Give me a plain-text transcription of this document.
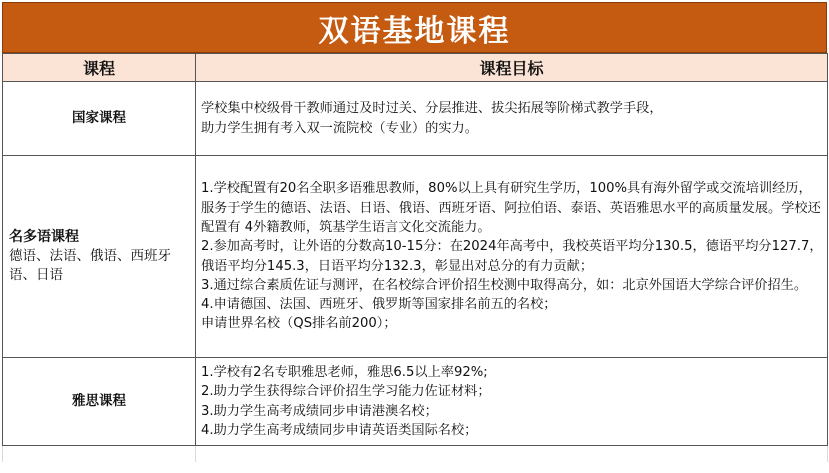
双语基地课程
课程	课程目标
国家课程	学校集中校级骨干教师通过及时过关、分层推进、拔尖拓展等阶梯式教学手段，
助力学生拥有考入双一流院校（专业）的实力。

名多语课程
德语、法语、俄语、西班牙语、日语	1.学校配置有20名全职多语雅思教师，80%以上具有研究生学历，100%具有海外留学或交流培训经历，服务于学生的德语、法语、日语、俄语、西班牙语、阿拉伯语、泰语、英语雅思水平的高质量发展。学校还配置有 4外籍教师，筑基学生语言文化交流能力。
2.参加高考时，让外语的分数高10-15分：在2024年高考中，我校英语平均分130.5，德语平均分127.7，俄语平均分145.3，日语平均分132.3，彰显出对总分的有力贡献；
3.通过综合素质佐证与测评，在名校综合评价招生校测中取得高分，如：北京外国语大学综合评价招生。
4.申请德国、法国、西班牙、俄罗斯等国家排名前五的名校；
申请世界名校（QS排名前200）；

雅思课程	1.学校有2名专职雅思老师，雅思6.5以上率92%;
2.助力学生获得综合评价招生学习能力佐证材料；
3.助力学生高考成绩同步申请港澳名校；
4.助力学生高考成绩同步申请英语类国际名校；
